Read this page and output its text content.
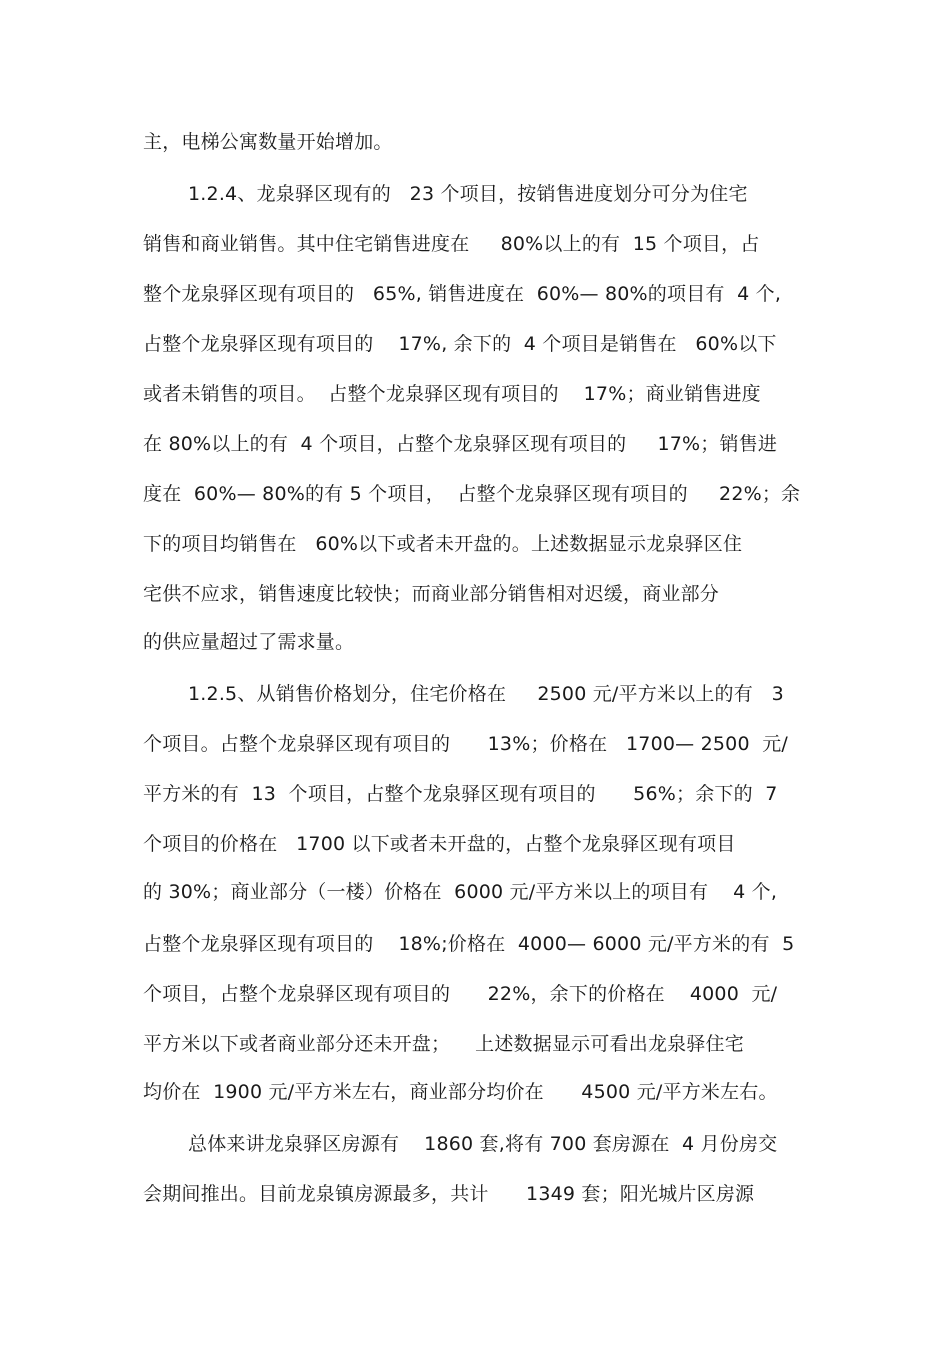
主，电梯公寓数量开始增加。
1.2.4、龙泉驿区现有的   23 个项目，按销售进度划分可分为住宅
销售和商业销售。其中住宅销售进度在     80%以上的有  15 个项目，占
整个龙泉驿区现有项目的   65%, 销售进度在  60%— 80%的项目有  4 个,
占整个龙泉驿区现有项目的    17%, 余下的  4 个项目是销售在   60%以下
或者未销售的项目。  占整个龙泉驿区现有项目的    17%；商业销售进度
在 80%以上的有  4 个项目，占整个龙泉驿区现有项目的     17%；销售进
度在  60%— 80%的有 5 个项目，  占整个龙泉驿区现有项目的     22%；余
下的项目均销售在   60%以下或者未开盘的。上述数据显示龙泉驿区住
宅供不应求，销售速度比较快；而商业部分销售相对迟缓，商业部分
的供应量超过了需求量。
1.2.5、从销售价格划分，住宅价格在     2500 元/平方米以上的有   3
个项目。占整个龙泉驿区现有项目的      13%；价格在   1700— 2500  元/
平方米的有  13  个项目，占整个龙泉驿区现有项目的      56%；余下的  7
个项目的价格在   1700 以下或者未开盘的，占整个龙泉驿区现有项目
的 30%；商业部分（一楼）价格在  6000 元/平方米以上的项目有    4 个,
占整个龙泉驿区现有项目的    18%;价格在  4000— 6000 元/平方米的有  5
个项目，占整个龙泉驿区现有项目的      22%，余下的价格在    4000  元/
平方米以下或者商业部分还未开盘；    上述数据显示可看出龙泉驿住宅
均价在  1900 元/平方米左右，商业部分均价在      4500 元/平方米左右。
总体来讲龙泉驿区房源有    1860 套,将有 700 套房源在  4 月份房交
会期间推出。目前龙泉镇房源最多，共计      1349 套；阳光城片区房源
